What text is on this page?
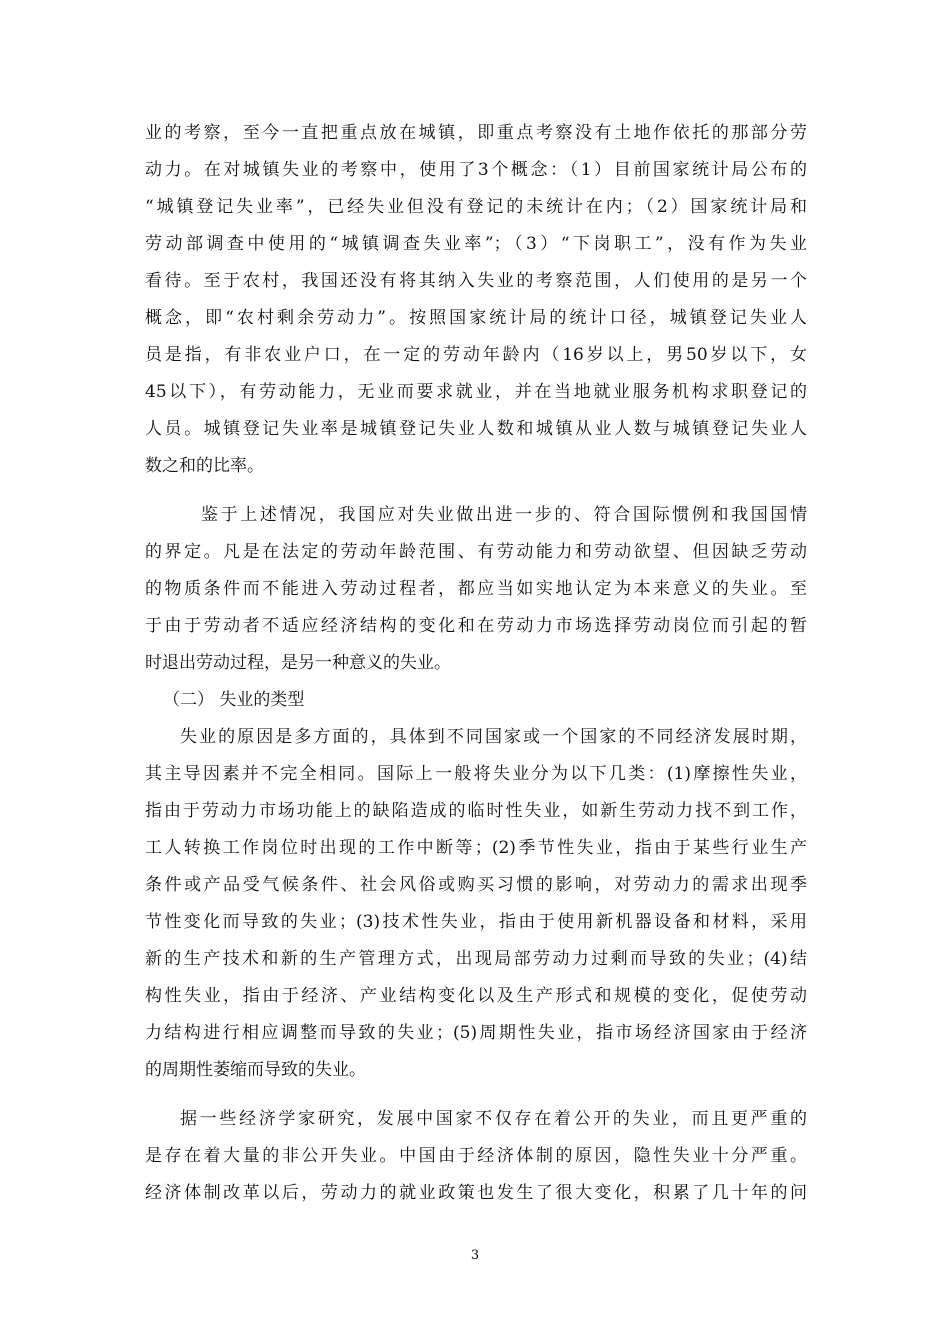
业的考察，至今一直把重点放在城镇，即重点考察没有土地作依托的那部分劳
动力。在对城镇失业的考察中，使用了3个概念：（1）目前国家统计局公布的
“城镇登记失业率”，已经失业但没有登记的未统计在内；（2）国家统计局和
劳动部调查中使用的“城镇调查失业率”；（3）“下岗职工”，没有作为失业
看待。至于农村，我国还没有将其纳入失业的考察范围，人们使用的是另一个
概念，即“农村剩余劳动力”。按照国家统计局的统计口径，城镇登记失业人
员是指，有非农业户口，在一定的劳动年龄内（16岁以上，男50岁以下，女
45以下），有劳动能力，无业而要求就业，并在当地就业服务机构求职登记的
人员。城镇登记失业率是城镇登记失业人数和城镇从业人数与城镇登记失业人
数之和的比率。
鉴于上述情况，我国应对失业做出进一步的、符合国际惯例和我国国情
的界定。凡是在法定的劳动年龄范围、有劳动能力和劳动欲望、但因缺乏劳动
的物质条件而不能进入劳动过程者，都应当如实地认定为本来意义的失业。至
于由于劳动者不适应经济结构的变化和在劳动力市场选择劳动岗位而引起的暂
时退出劳动过程，是另一种意义的失业。
（二） 失业的类型
失业的原因是多方面的，具体到不同国家或一个国家的不同经济发展时期，
其主导因素并不完全相同。国际上一般将失业分为以下几类：(1)摩擦性失业，
指由于劳动力市场功能上的缺陷造成的临时性失业，如新生劳动力找不到工作，
工人转换工作岗位时出现的工作中断等；(2)季节性失业，指由于某些行业生产
条件或产品受气候条件、社会风俗或购买习惯的影响，对劳动力的需求出现季
节性变化而导致的失业；(3)技术性失业，指由于使用新机器设备和材料，采用
新的生产技术和新的生产管理方式，出现局部劳动力过剩而导致的失业；(4)结
构性失业，指由于经济、产业结构变化以及生产形式和规模的变化，促使劳动
力结构进行相应调整而导致的失业；(5)周期性失业，指市场经济国家由于经济
的周期性萎缩而导致的失业。
据一些经济学家研究，发展中国家不仅存在着公开的失业，而且更严重的
是存在着大量的非公开失业。中国由于经济体制的原因，隐性失业十分严重。
经济体制改革以后，劳动力的就业政策也发生了很大变化，积累了几十年的问
3
